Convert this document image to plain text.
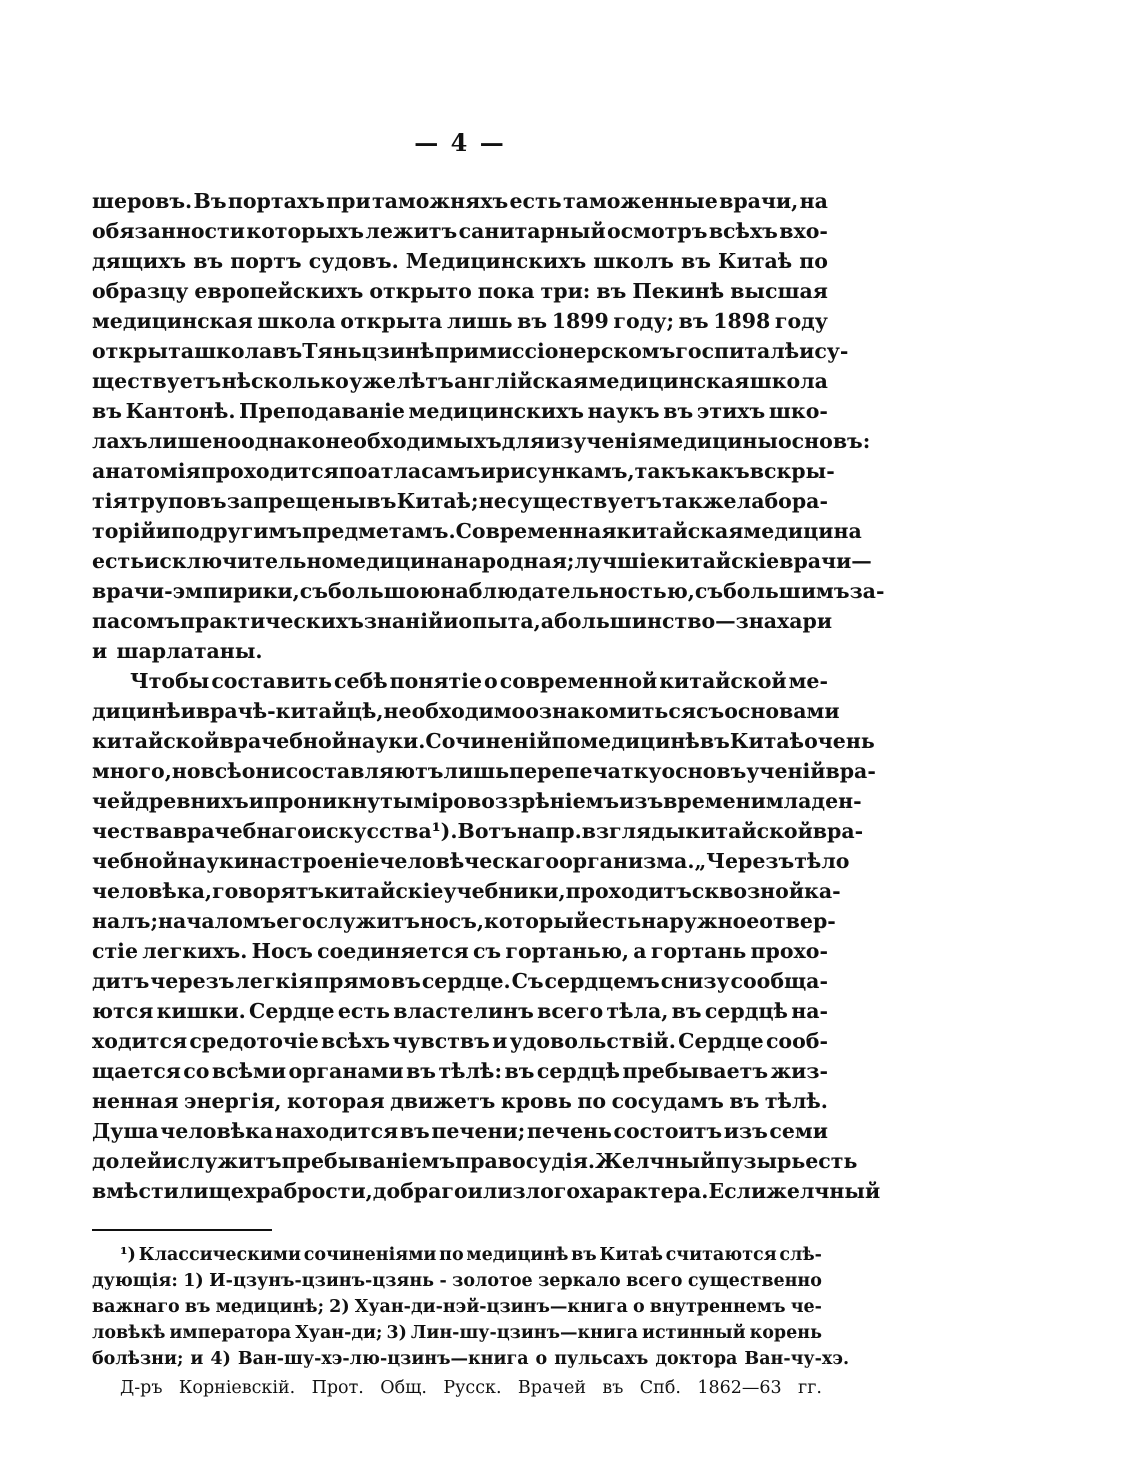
— 4 —
шеровъ. Въ портахъ при таможняхъ есть таможенные врачи, на
обязанности которыхъ лежитъ санитарный осмотръ всѣхъ вхо-
дящихъ въ портъ судовъ. Медицинскихъ школъ въ Китаѣ по
образцу европейскихъ открыто пока три: въ Пекинѣ высшая
медицинская школа открыта лишь въ 1899 году; въ 1898 году
открыта школа въ Тяньцзинѣ при миссіонерскомъ госпиталѣ и су-
ществуетъ нѣсколько уже лѣтъ англійская медицинская школа
въ Кантонѣ. Преподаваніе медицинскихъ наукъ въ этихъ шко-
лахъ лишено однако необходимыхъ для изученія медицины основъ:
анатомія проходится по атласамъ и рисункамъ, такъ какъ вскры-
тія труповъ запрещены въ Китаѣ; не существуетъ также лабора-
торій и по другимъ предметамъ. Современная китайская медицина
есть исключительно медицина народная; лучшіе китайскіе врачи—
врачи-эмпирики, съ большою наблюдательностью, съ большимъ за-
пасомъ практическихъ знаній и опыта, а большинство—знахари
и шарлатаны.
Чтобы составить себѣ понятіе о современной китайской ме-
дицинѣ и врачѣ-китайцѣ, необходимо ознакомиться съ основами
китайской врачебной науки. Сочиненій по медицинѣ въ Китаѣ очень
много, но всѣ они составляютъ лишь перепечатку основъ ученій вра-
чей древнихъ и проникнуты міровоззрѣніемъ изъ времени младен-
чества врачебнаго искусства ¹). Вотъ напр. взгляды китайской вра-
чебной науки на строеніе человѣческаго организма. „Черезъ тѣло
человѣка, говорятъ китайскіе учебники, проходитъ сквозной ка-
налъ; началомъ его служитъ носъ, который есть наружное отвер-
стіе легкихъ. Носъ соединяется съ гортанью, а гортань прохо-
дитъ черезъ легкія прямо въ сердце. Съ сердцемъ снизу сообща-
ются кишки. Сердце есть властелинъ всего тѣла, въ сердцѣ на-
ходится средоточіе всѣхъ чувствъ и удовольствій. Сердце сооб-
щается со всѣми органами въ тѣлѣ: въ сердцѣ пребываетъ жиз-
ненная энергія, которая движетъ кровь по сосудамъ въ тѣлѣ.
Душа человѣка находится въ печени; печень состоитъ изъ семи
долей и служитъ пребываніемъ правосудія. Желчный пузырь есть
вмѣстилище храбрости, добраго или злого характера. Если желчный
¹) Классическими сочиненіями по медицинѣ въ Китаѣ считаются слѣ-
дующія: 1) И-цзунъ-цзинъ-цзянь - золотое зеркало всего существенно
важнаго въ медицинѣ; 2) Хуан-ди-нэй-цзинъ—книга о внутреннемъ че-
ловѣкѣ императора Хуан-ди; 3) Лин-шу-цзинъ—книга истинный корень
болѣзни; и 4) Ван-шу-хэ-лю-цзинъ—книга о пульсахъ доктора Ван-чу-хэ.
Д-ръ Корніевскій. Прот. Общ. Русск. Врачей въ Спб. 1862—63 гг.
